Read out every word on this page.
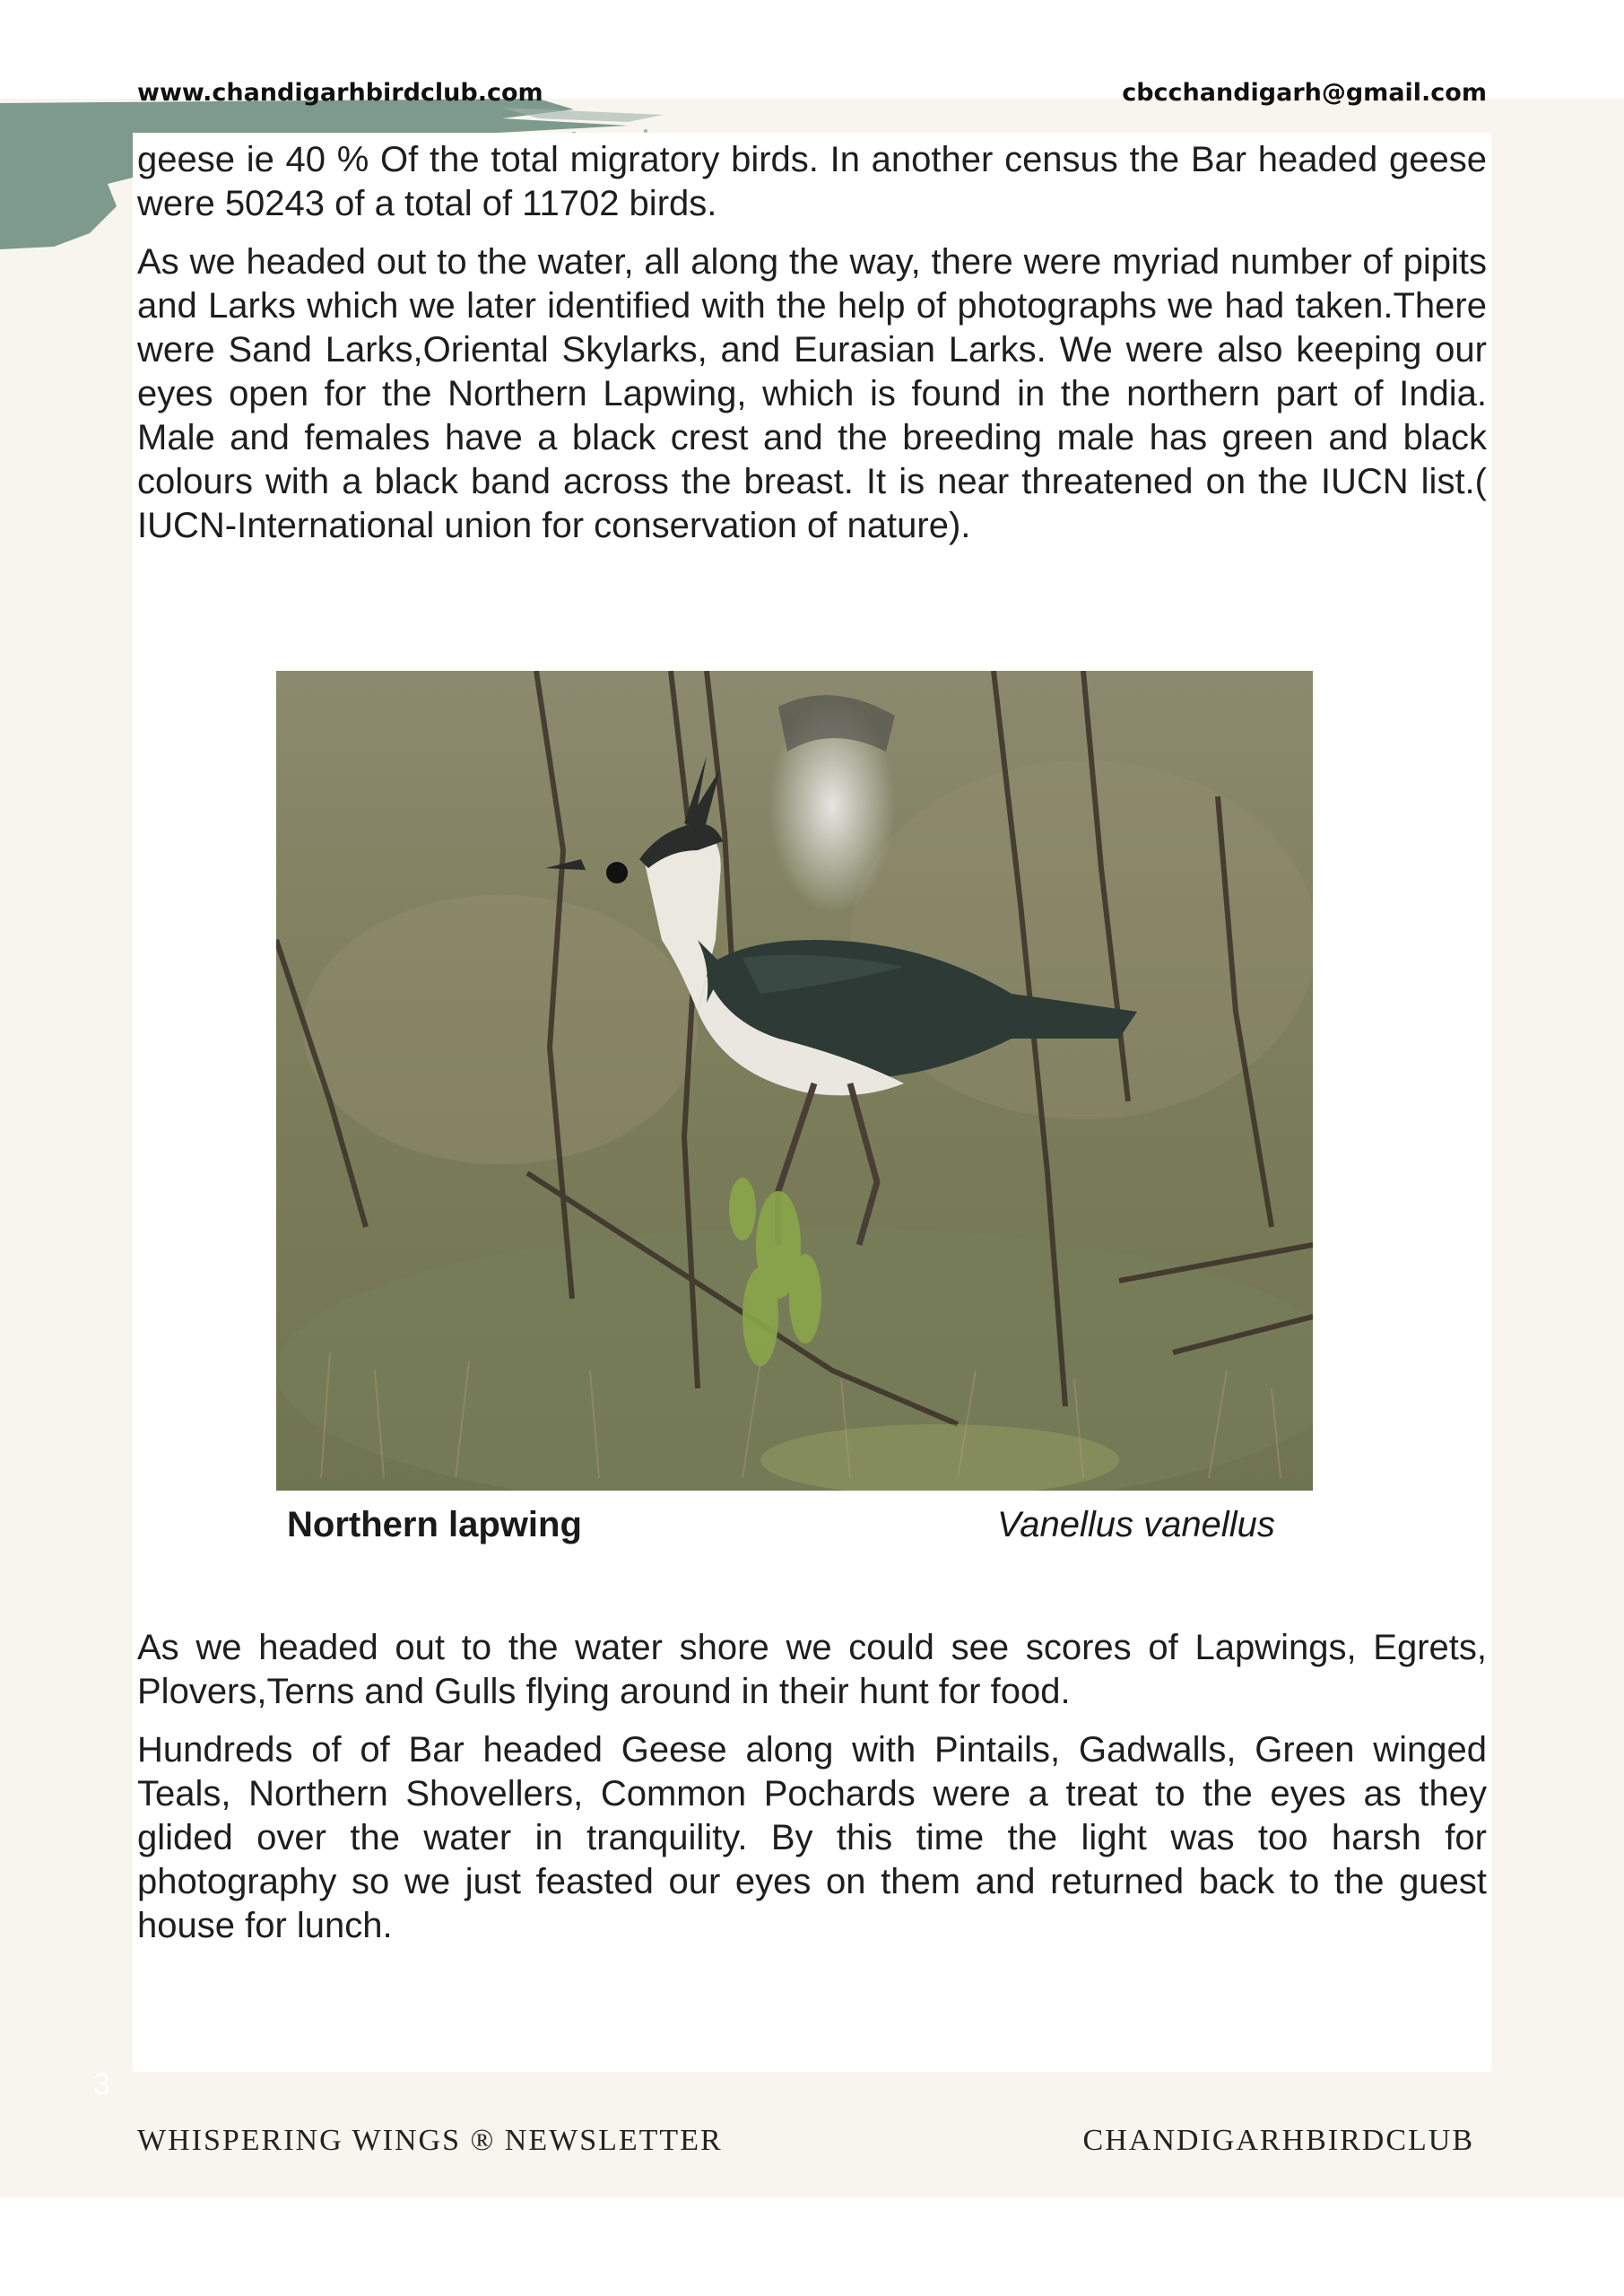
www.chandigarhbirdclub.com	cbcchandigarh@gmail.com

geese ie 40 % Of the total migratory birds. In another census the Bar headed geese were 50243 of a total of 11702 birds.

As we headed out to the water, all along the way, there were myriad number of pipits and Larks which we later identified with the help of photographs we had taken.There were Sand Larks,Oriental Skylarks, and Eurasian Larks. We were also keeping our eyes open for the Northern Lapwing, which is found in the northern part of India. Male and females have a black crest and the breeding male has green and black colours with a black band across the breast. It is near threatened on the IUCN list.( IUCN-International union for conservation of nature).

Northern lapwing	Vanellus vanellus

As we headed out to the water shore we could see scores of Lapwings, Egrets, Plovers,Terns and Gulls flying around in their hunt for food.

Hundreds of of Bar headed Geese along with Pintails, Gadwalls, Green winged Teals, Northern Shovellers, Common Pochards were a treat to the eyes as they glided over the water in tranquility. By this time the light was too harsh for photography so we just feasted our eyes on them and returned back to the guest house for lunch.

3
WHISPERING WINGS ® NEWSLETTER	CHANDIGARHBIRDCLUB
